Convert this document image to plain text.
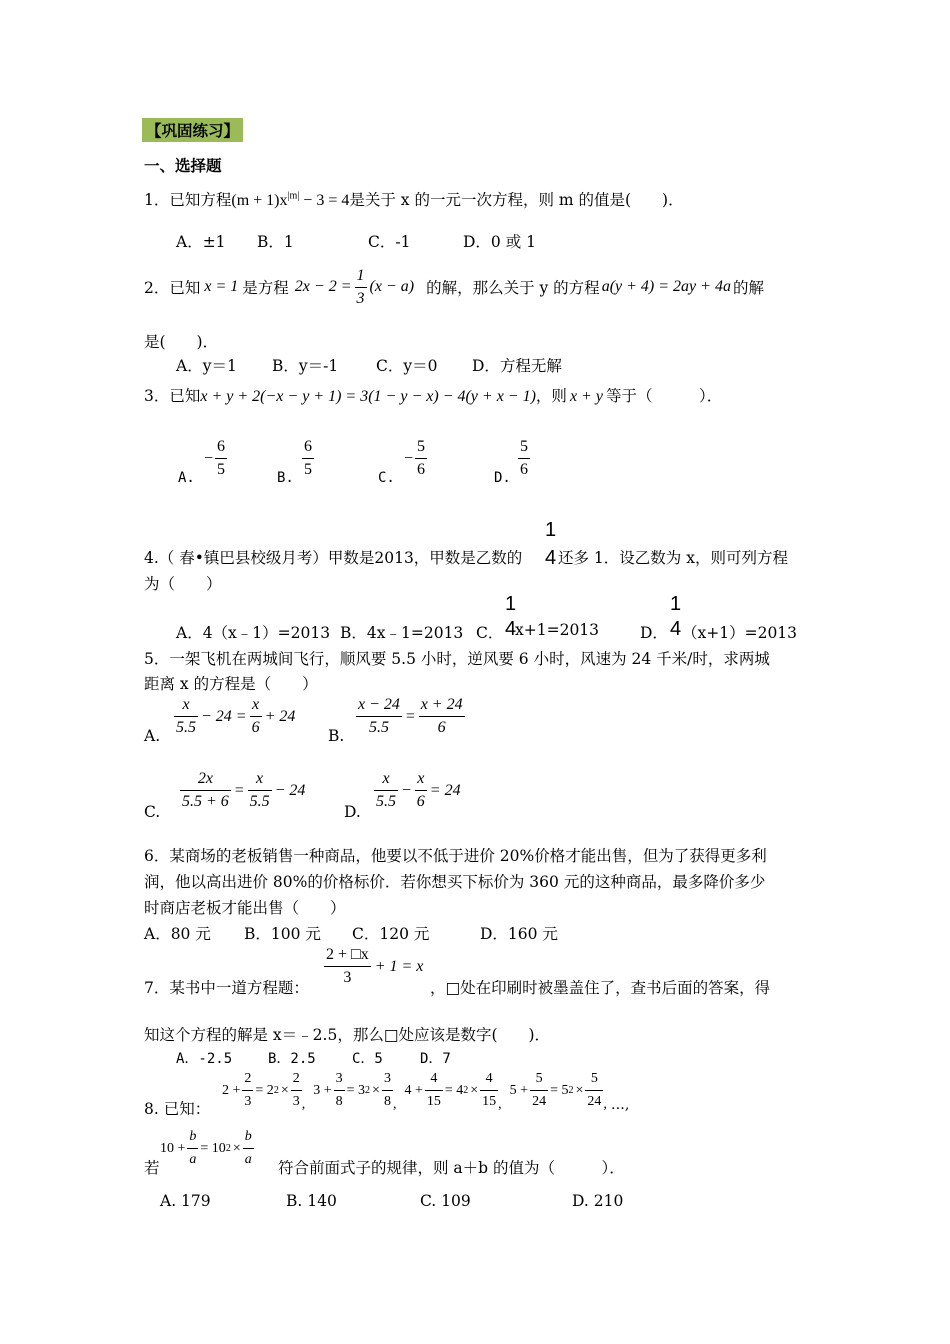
【巩固练习】
一、选择题
1．已知方程$(m + 1)x^{|m|} - 3 = 4$是关于 x 的一元一次方程，则 m 的值是(　　)．
A．±1 B．1	C．-1	D．0 或 1
2．已知 x = 1 是方程 $2x - 2 = \frac{1}{3} (x - a)$ 的解，那么关于 y 的方程 a(y + 4) = 2ay + 4a 的解
是(　　)．
A．y＝1 B．y＝-1 C．y＝0 D．方程无解
3．已知x + y + 2(−x − y + 1) = 3(1 − y − x) − 4(y + x − 1)，则 x + y 等于（　　　）．
A.
− $\frac{6}{5}$	B. $\frac{6}{5}$	C.
− $\frac{5}{6}$	D. $\frac{5}{6}$
1
4
4.（ 春•镇巴县校级月考）甲数是2013，甲数是乙数的 还多 1．设乙数为 x，则可列方程
为（　　）
A．4（x﹣1）=2013 B．4x﹣1=2013 C．
1
4
x+1=2013	D．
1
4 （x+1）=2013
5．一架飞机在两城间飞行，顺风要 5.5 小时，逆风要 6 小时，风速为 24 千米/时，求两城
距离 x 的方程是（　　）
A. $\frac{x}{5.5} - 24 = \frac{x}{6} + 24$
B. $\frac{x - 24}{5.5} = \frac{x + 24}{6}$
C. $\frac{2x}{5.5 + 6} = \frac{x}{5.5} - 24$
D. $\frac{x}{5.5} - \frac{x}{6} = 24$
6．某商场的老板销售一种商品，他要以不低于进价 20%价格才能出售，但为了获得更多利
润，他以高出进价 80%的价格标价．若你想买下标价为 360 元的这种商品，最多降价多少
时商店老板才能出售（　　）
A．80 元 B．100 元 C．120 元	D．160 元
7．某书中一道方程题： $\frac{2 + □x}{3} + 1 = x$
，□处在印刷时被墨盖住了，查书后面的答案，得
知这个方程的解是 x＝﹣2.5，那么□处应该是数字(　　)．
A．-2.5	B．2.5	C．5	D．7
8. 已知：
$2 + \frac{2}{3} = 2$ $2 \times \frac{2}{3}$ ,
$3 + \frac{3}{8} = 3$ $2 \times \frac{3}{8}$ ,
$4 + \frac{4}{15} = 4$ $2 \times \frac{4}{15}$ ,
$5 + \frac{5}{24} = 5$ $2 \times \frac{5}{24}$ , …,
若
$10 + \frac{b}{a} = 10$ $2 \times \frac{b}{a}$ 符合前面式子的规律，则 a＋b 的值为（　　　）．
A. 179	B. 140	C. 109	D. 210
